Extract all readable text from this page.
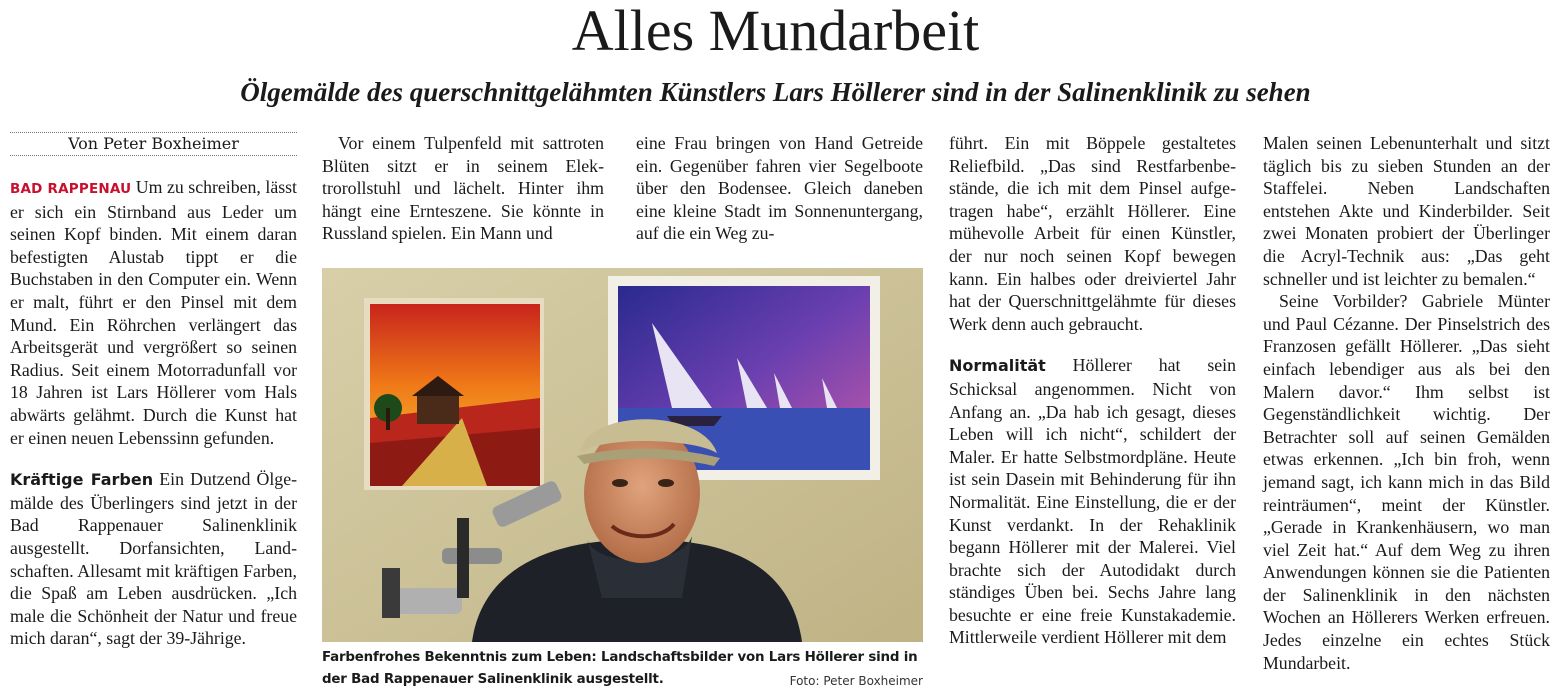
Alles Mundarbeit
Ölgemälde des querschnittgelähmten Künstlers Lars Höllerer sind in der Salinenklinik zu sehen
Von Peter Boxheimer

BAD RAPPENAU Um zu schreiben, lässt er sich ein Stirnband aus Leder um seinen Kopf binden. Mit einem daran befestigten Alustab tippt er die Buchstaben in den Computer ein. Wenn er malt, führt er den Pinsel mit dem Mund. Ein Röhrchen verlängert das Arbeitsgerät und vergrößert so seinen Radius. Seit einem Motorradunfall vor 18 Jahren ist Lars Höllerer vom Hals abwärts gelähmt. Durch die Kunst hat er einen neuen Lebenssinn gefunden.

Kräftige Farben Ein Dutzend Ölgemälde des Überlingers sind jetzt in der Bad Rappenauer Salinenklinik ausgestellt. Dorfansichten, Landschaften. Allesamt mit kräftigen Farben, die Spaß am Leben ausdrücken. „Ich male die Schönheit der Natur und freue mich daran“, sagt der 39-Jährige.

Vor einem Tulpenfeld mit sattroten Blüten sitzt er in seinem Elektrorollstuhl und lächelt. Hinter ihm hängt eine Ernteszene. Sie könnte in Russland spielen. Ein Mann und

eine Frau bringen von Hand Getreide ein. Gegenüber fahren vier Segelboote über den Bodensee. Gleich daneben eine kleine Stadt im Sonnenuntergang, auf die ein Weg zu-

führt. Ein mit Böppele gestaltetes Reliefbild. „Das sind Restfarbenbestände, die ich mit dem Pinsel aufgetragen habe“, erzählt Höllerer. Eine mühevolle Arbeit für einen Künstler, der nur noch seinen Kopf bewegen kann. Ein halbes oder dreiviertel Jahr hat der Querschnittgelähmte für dieses Werk denn auch gebraucht.

Normalität Höllerer hat sein Schicksal angenommen. Nicht von Anfang an. „Da hab ich gesagt, dieses Leben will ich nicht“, schildert der Maler. Er hatte Selbstmordpläne. Heute ist sein Dasein mit Behinderung für ihn Normalität. Eine Einstellung, die er der Kunst verdankt. In der Rehaklinik begann Höllerer mit der Malerei. Viel brachte sich der Autodidakt durch ständiges Üben bei. Sechs Jahre lang besuchte er eine freie Kunstakademie. Mittlerweile verdient Höllerer mit dem

Malen seinen Lebenunterhalt und sitzt täglich bis zu sieben Stunden an der Staffelei. Neben Landschaften entstehen Akte und Kinderbilder. Seit zwei Monaten probiert der Überlinger die Acryl-Technik aus: „Das geht schneller und ist leichter zu bemalen.“

Seine Vorbilder? Gabriele Münter und Paul Cézanne. Der Pinselstrich des Franzosen gefällt Höllerer. „Das sieht einfach lebendiger aus als bei den Malern davor.“ Ihm selbst ist Gegenständlichkeit wichtig. Der Betrachter soll auf seinen Gemälden etwas erkennen. „Ich bin froh, wenn jemand sagt, ich kann mich in das Bild reinträumen“, meint der Künstler. „Gerade in Krankenhäusern, wo man viel Zeit hat.“ Auf dem Weg zu ihren Anwendungen können sie die Patienten der Salinenklinik in den nächsten Wochen an Höllerers Werken erfreuen. Jedes einzelne ein echtes Stück Mundarbeit.

Farbenfrohes Bekenntnis zum Leben: Landschaftsbilder von Lars Höllerer sind in der Bad Rappenauer Salinenklinik ausgestellt.	Foto: Peter Boxheimer
